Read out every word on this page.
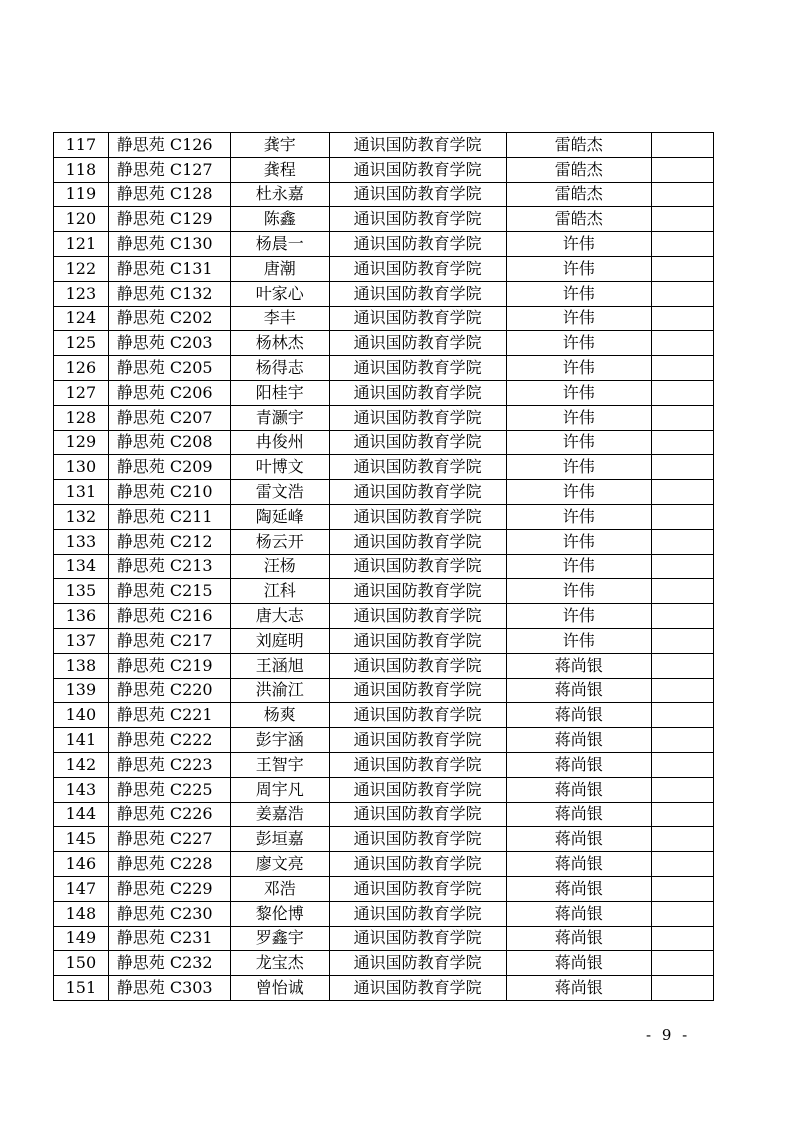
117	静思苑 C126	龚宇	通识国防教育学院	雷皓杰	
118	静思苑 C127	龚程	通识国防教育学院	雷皓杰	
119	静思苑 C128	杜永嘉	通识国防教育学院	雷皓杰	
120	静思苑 C129	陈鑫	通识国防教育学院	雷皓杰	
121	静思苑 C130	杨晨一	通识国防教育学院	许伟	
122	静思苑 C131	唐潮	通识国防教育学院	许伟	
123	静思苑 C132	叶家心	通识国防教育学院	许伟	
124	静思苑 C202	李丰	通识国防教育学院	许伟	
125	静思苑 C203	杨林杰	通识国防教育学院	许伟	
126	静思苑 C205	杨得志	通识国防教育学院	许伟	
127	静思苑 C206	阳桂宇	通识国防教育学院	许伟	
128	静思苑 C207	青灏宇	通识国防教育学院	许伟	
129	静思苑 C208	冉俊州	通识国防教育学院	许伟	
130	静思苑 C209	叶博文	通识国防教育学院	许伟	
131	静思苑 C210	雷文浩	通识国防教育学院	许伟	
132	静思苑 C211	陶延峰	通识国防教育学院	许伟	
133	静思苑 C212	杨云开	通识国防教育学院	许伟	
134	静思苑 C213	汪杨	通识国防教育学院	许伟	
135	静思苑 C215	江科	通识国防教育学院	许伟	
136	静思苑 C216	唐大志	通识国防教育学院	许伟	
137	静思苑 C217	刘庭明	通识国防教育学院	许伟	
138	静思苑 C219	王涵旭	通识国防教育学院	蒋尚银	
139	静思苑 C220	洪渝江	通识国防教育学院	蒋尚银	
140	静思苑 C221	杨爽	通识国防教育学院	蒋尚银	
141	静思苑 C222	彭宇涵	通识国防教育学院	蒋尚银	
142	静思苑 C223	王智宇	通识国防教育学院	蒋尚银	
143	静思苑 C225	周宇凡	通识国防教育学院	蒋尚银	
144	静思苑 C226	姜嘉浩	通识国防教育学院	蒋尚银	
145	静思苑 C227	彭垣嘉	通识国防教育学院	蒋尚银	
146	静思苑 C228	廖文亮	通识国防教育学院	蒋尚银	
147	静思苑 C229	邓浩	通识国防教育学院	蒋尚银	
148	静思苑 C230	黎伦博	通识国防教育学院	蒋尚银	
149	静思苑 C231	罗鑫宇	通识国防教育学院	蒋尚银	
150	静思苑 C232	龙宝杰	通识国防教育学院	蒋尚银	
151	静思苑 C303	曾怡诚	通识国防教育学院	蒋尚银	
- 9 -
